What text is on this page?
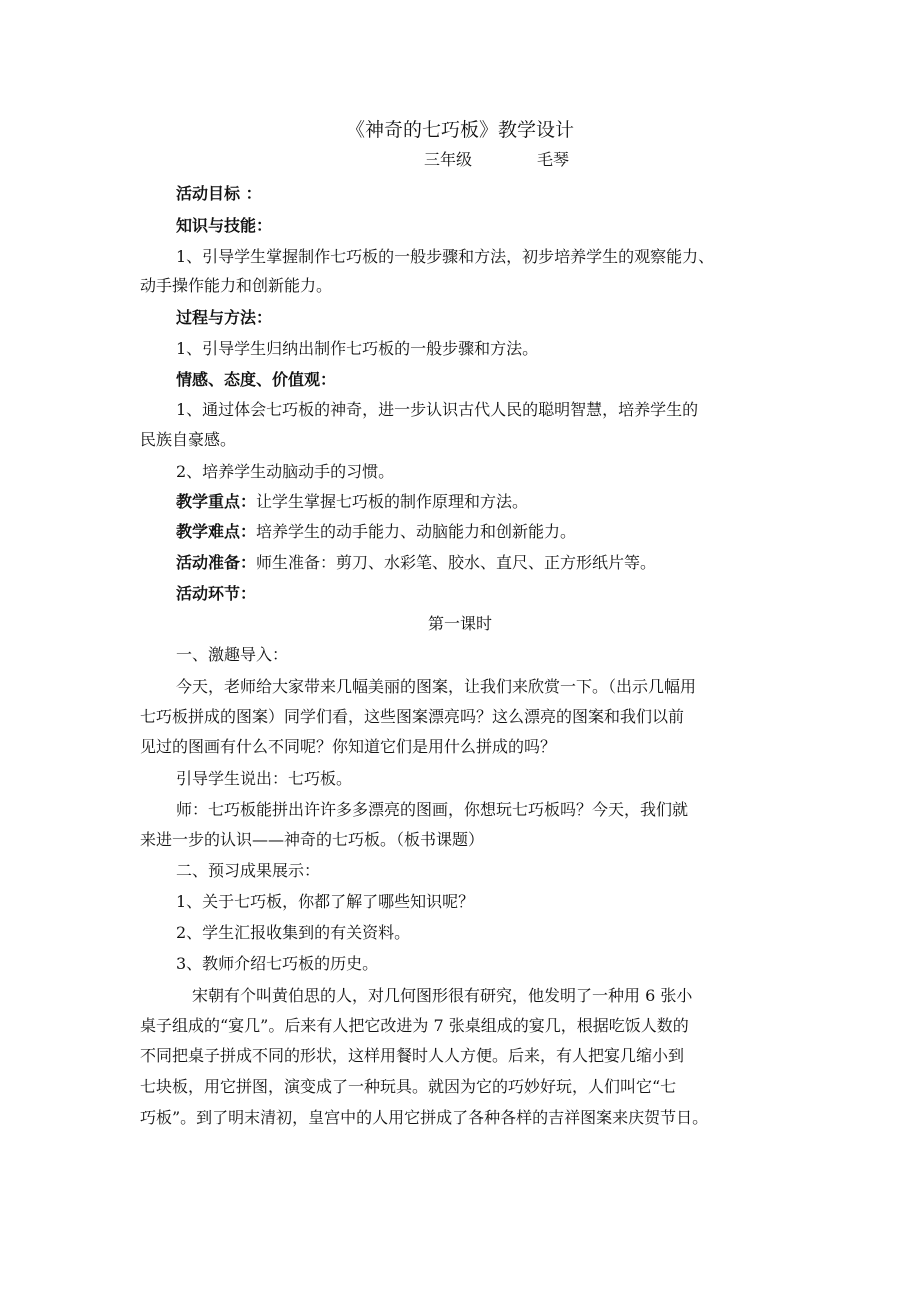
《神奇的七巧板》教学设计
三年级	毛琴
活动目标 ：
知识与技能：
1、引导学生掌握制作七巧板的一般步骤和方法，初步培养学生的观察能力、
动手操作能力和创新能力。
过程与方法：
1、引导学生归纳出制作七巧板的一般步骤和方法。
情感、态度、价值观：
1、通过体会七巧板的神奇，进一步认识古代人民的聪明智慧，培养学生的
民族自豪感。
2、培养学生动脑动手的习惯。
教学重点：让学生掌握七巧板的制作原理和方法。
教学难点：培养学生的动手能力、动脑能力和创新能力。
活动准备：师生准备：剪刀、水彩笔、胶水、直尺、正方形纸片等。
活动环节：
第一课时
一、激趣导入：
今天，老师给大家带来几幅美丽的图案，让我们来欣赏一下。（出示几幅用
七巧板拼成的图案）同学们看，这些图案漂亮吗？这么漂亮的图案和我们以前
见过的图画有什么不同呢？你知道它们是用什么拼成的吗？
引导学生说出：七巧板。
师：七巧板能拼出许许多多漂亮的图画，你想玩七巧板吗？今天，我们就
来进一步的认识——神奇的七巧板。（板书课题）
二、预习成果展示：
1、关于七巧板，你都了解了哪些知识呢？
2、学生汇报收集到的有关资料。
3、教师介绍七巧板的历史。
宋朝有个叫黄伯思的人，对几何图形很有研究，他发明了一种用 6 张小
桌子组成的“宴几”。后来有人把它改进为 7 张桌组成的宴几，根据吃饭人数的
不同把桌子拼成不同的形状，这样用餐时人人方便。后来，有人把宴几缩小到
七块板，用它拼图，演变成了一种玩具。就因为它的巧妙好玩，人们叫它“七
巧板”。到了明末清初，皇宫中的人用它拼成了各种各样的吉祥图案来庆贺节日。
